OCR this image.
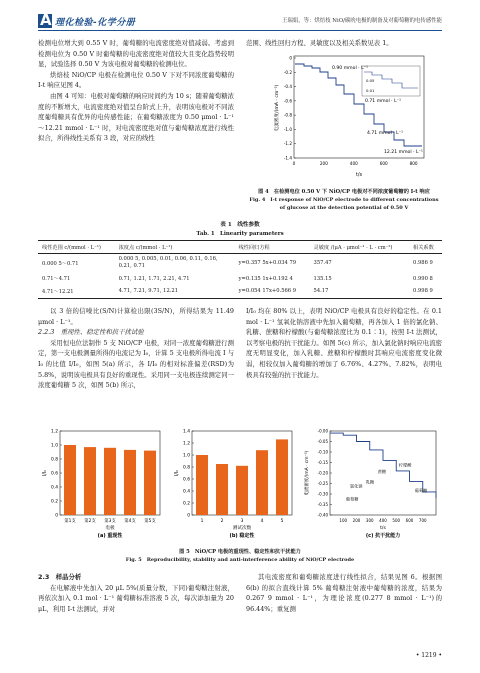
A 理化检验-化学分册	王瑞娟，等：烘焙枝 NiO/碳吮电极的制备及对葡萄糖的电传感性能

检测电位增大到 0.55 V 时，葡萄糖的电流密度绝对值减弱。考虑到检测电位为 0.50 V 时葡萄糖的电流密度绝对值较大且变化趋势较明显，试验选择 0.50 V 为该电极对葡萄糖的检测电位。

烘焙枝 NiO/CP 电极在检测电位 0.50 V 下对不同浓度葡萄糖的 I-t 响应见图 4。

由图 4 可知：电极对葡萄糖的响应时间约为 10 s；随着葡萄糖浓度的不断增大，电流密度绝对值呈台阶式上升，表明该电极对不同浓度葡萄糖具有优异的电传感性能；在葡萄糖浓度为 0.50 μmol · L⁻¹～12.21 mmol · L⁻¹ 时，对电流密度绝对值与葡萄糖浓度进行线性拟合，所得线性关系有 3 段，对应的线性

范围、线性回归方程、灵敏度以及相关系数见表 1。
0
-0.2
-0.4
-0.6
-0.8
-1.0
-1.2
-1.4
0	200	400	600	800
0.90 mmol · L⁻¹
0.71 mmol · L⁻¹
4.71 mmol · L⁻¹
12.21 mmol · L⁻¹
0.05
0.01
电流密度/(mA · cm⁻²)
t/s
图 4　在检测电位 0.50 V 下 NiO/CP 电极对不同浓度葡萄糖的 I-t 响应
Fig. 4　I-t response of NiO/CP electrode to different concentrations
of glucose at the detection potential of 0.50 V
表 1　线性参数
Tab. 1　Linearity parameters
线性范围 c/(mmol · L⁻¹)	浓度点 c/(mmol · L⁻¹)	线性回归方程	灵敏度 /(μA · μmol⁻¹ · L · cm⁻²)	相关系数
0.000 5～0.71	0.000 5, 0.005, 0.01, 0.06, 0.11, 0.16, 0.21, 0.71	y=0.357 5x+0.034 79	357.47	0.986 9
0.71～4.71	0.71, 1.21, 1.71, 2.21, 4.71	y=0.135 1x+0.192 4	135.15	0.990 8
4.71～12.21	4.71, 7.21, 9.71, 12.21	y=0.054 17x+0.566 9	54.17	0.998 9

以 3 倍的信噪比(S/N)计算检出限(3S/N)，所得结果为 11.49 μmol · L⁻¹。

2.2.3　重现性、稳定性和抗干扰试验

采用恒电位法制作 5 支 NiO/CP 电极，对同一浓度葡萄糖进行测定，第一支电极测量所得的电流记为 I₀，计算 5 支电极所得电流 I 与 I₀ 的比值 I/I₀，如图 5(a) 所示，各 I/I₀ 的相对标准偏差(RSD)为 5.8%，说明该电极具有良好的重现性。采用同一支电极连续测定同一浓度葡萄糖 5 次，如图 5(b) 所示，

I/I₀ 均在 80% 以上，表明 NiO/CP 电极具有良好的稳定性。在 0.1 mol · L⁻¹ 氢氧化钠溶液中先加入葡萄糖，再各加入 1 倍的氯化钠、乳糖、蔗糖和柠檬酸(与葡萄糖浓度比为 0.1∶1)，按照 I-t 法测试，以考察电极的抗干扰能力。如图 5(c) 所示，加入氯化钠时响应电流密度无明显变化，加入乳糖、蔗糖和柠檬酸时其响应电流密度变化微弱，相较仅加入葡萄糖的增加了 6.76%、4.27%、7.82%，表明电极具有较强的抗干扰能力。
0
0.2
0.4
0.6
0.8
1.0
1.2
第1支 第2支 第3支 第4支 第5支
电极
I/I₀
(a) 重现性
0
0.2
0.4
0.6
0.8
1.0
1.2
1.4
1	2	3	4	5
测试次数
I/I₀
(b) 稳定性
-0.00
-0.05
-0.10
-0.15
-0.20
-0.25
-0.30
-0.35
-0.40
100 200 300 400 500 600 700
葡萄糖
氯化钠
乳糖
蔗糖
柠檬酸
葡萄糖
t/s
电流密度/(mA · cm⁻²)
(c) 抗干扰能力
图 5　NiO/CP 电极的重现性、稳定性和抗干扰能力
Fig. 5　Reproducibility, stability and anti-interference ability of NiO/CP electrode

2.3　样品分析

在电解液中先加入 20 μL 5%(质量分数，下同)葡萄糖注射液，再依次加入 0.1 mol · L⁻¹ 葡萄糖标准溶液 5 次，每次添加量为 20 μL，利用 I-t 法测试，并对

其电流密度和葡萄糖浓度进行线性拟合，结果见图 6。根据图 6(b) 的拟合直线计算 5% 葡萄糖注射液中葡萄糖的浓度，结果为 0.267 9 mmol · L⁻¹，为理论浓度(0.277 8 mmol · L⁻¹)的 96.44%；重复测
• 1219 •
